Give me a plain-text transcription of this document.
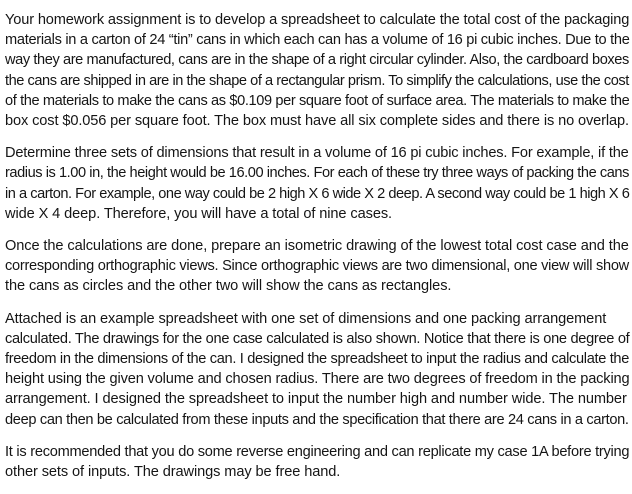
Your homework assignment is to develop a spreadsheet to calculate the total cost of the packaging
materials in a carton of 24 “tin” cans in which each can has a volume of 16 pi cubic inches. Due to the
way they are manufactured, cans are in the shape of a right circular cylinder. Also, the cardboard boxes
the cans are shipped in are in the shape of a rectangular prism. To simplify the calculations, use the cost
of the materials to make the cans as $0.109 per square foot of surface area. The materials to make the
box cost $0.056 per square foot. The box must have all six complete sides and there is no overlap.
Determine three sets of dimensions that result in a volume of 16 pi cubic inches. For example, if the
radius is 1.00 in, the height would be 16.00 inches. For each of these try three ways of packing the cans
in a carton. For example, one way could be 2 high X 6 wide X 2 deep. A second way could be 1 high X 6
wide X 4 deep. Therefore, you will have a total of nine cases.
Once the calculations are done, prepare an isometric drawing of the lowest total cost case and the
corresponding orthographic views. Since orthographic views are two dimensional, one view will show
the cans as circles and the other two will show the cans as rectangles.
Attached is an example spreadsheet with one set of dimensions and one packing arrangement
calculated. The drawings for the one case calculated is also shown. Notice that there is one degree of
freedom in the dimensions of the can. I designed the spreadsheet to input the radius and calculate the
height using the given volume and chosen radius. There are two degrees of freedom in the packing
arrangement. I designed the spreadsheet to input the number high and number wide. The number
deep can then be calculated from these inputs and the specification that there are 24 cans in a carton.
It is recommended that you do some reverse engineering and can replicate my case 1A before trying
other sets of inputs. The drawings may be free hand.
